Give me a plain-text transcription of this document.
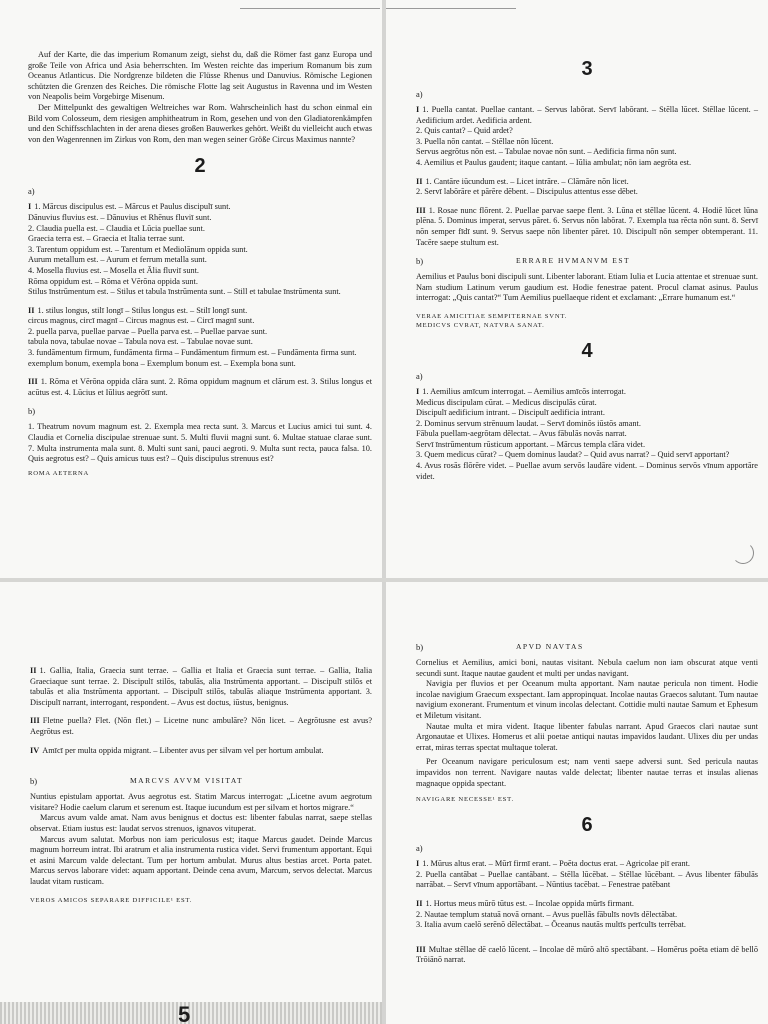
Auf der Karte, die das imperium Romanum zeigt, siehst du, daß die Römer fast ganz Europa und große Teile von Africa und Asia beherrschten. Im Westen reichte das imperium Romanum bis zum Oceanus Atlanticus. Die Nordgrenze bildeten die Flüsse Rhenus und Danuvius. Römische Legionen schützten die Grenzen des Reiches. Die römische Flotte lag seit Augustus in Ravenna und im Westen von Neapolis beim Vorgebirge Misenum.

Der Mittelpunkt des gewaltigen Weltreiches war Rom. Wahrscheinlich hast du schon einmal ein Bild vom Colosseum, dem riesigen amphitheatrum in Rom, gesehen und von den Gladiatorenkämpfen und den Schiffsschlachten in der arena dieses großen Bauwerkes gehört. Weißt du vielleicht auch etwas von den Wagenrennen im Zirkus von Rom, den man wegen seiner Größe Circus Maximus nannte?

2
a)

I 1. Mārcus discipulus est. – Mārcus et Paulus discipulī sunt.

Dānuvius fluvius est. – Dānuvius et Rhēnus fluviī sunt.

2. Claudia puella est. – Claudia et Lūcia puellae sunt.

Graecia terra est. – Graecia et Italia terrae sunt.

3. Tarentum oppidum est. – Tarentum et Mediolānum oppida sunt.

Aurum metallum est. – Aurum et ferrum metalla sunt.

4. Mosella fluvius est. – Mosella et Ālia fluviī sunt.

Rōma oppidum est. – Rōma et Vērōna oppida sunt.

Stilus īnstrūmentum est. – Stilus et tabula īnstrūmenta sunt. – Still et tabulae īnstrūmenta sunt.

II 1. stilus longus, stilī longī – Stilus longus est. – Stilī longī sunt.

circus magnus, circī magnī – Circus magnus est. – Circī magnī sunt.

2. puella parva, puellae parvae – Puella parva est. – Puellae parvae sunt.

tabula nova, tabulae novae – Tabula nova est. – Tabulae novae sunt.

3. fundāmentum firmum, fundāmenta firma – Fundāmentum firmum est. – Fundāmenta firma sunt.

exemplum bonum, exempla bona – Exemplum bonum est. – Exempla bona sunt.

III 1. Rōma et Vērōna oppida clāra sunt. 2. Rōma oppidum magnum et clārum est. 3. Stilus longus et acūtus est. 4. Lūcius et Iūlius aegrōtī sunt.

b)

1. Theatrum novum magnum est. 2. Exempla mea recta sunt. 3. Marcus et Lucius amici tui sunt. 4. Claudia et Cornelia discipulae strenuae sunt. 5. Multi fluvii magni sunt. 6. Multae statuae clarae sunt. 7. Multa instrumenta mala sunt. 8. Multi sunt sani, pauci aegroti. 9. Multa sunt recta, pauca falsa. 10. Quis aegrotus est? – Quis amicus tuus est? – Quis discipulus strenuus est?

ROMA AETERNA
3
a)

I 1. Puella cantat. Puellae cantant. – Servus labōrat. Servī labōrant. – Stēlla lūcet. Stēllae lūcent. – Aedificium ardet. Aedificia ardent.

2. Quis cantat? – Quid ardet?

3. Puella nōn cantat. – Stēllae nōn lūcent.

Servus aegrōtus nōn est. – Tabulae novae nōn sunt. – Aedificia firma nōn sunt.

4. Aemilius et Paulus gaudent; itaque cantant. – Iūlia ambulat; nōn iam aegrōta est.

II 1. Cantāre iūcundum est. – Licet intrāre. – Clāmāre nōn licet.

2. Servī labōrāre et pārēre dēbent. – Discipulus attentus esse dēbet.

III 1. Rosae nunc flōrent. 2. Puellae parvae saepe flent. 3. Lūna et stēllae lūcent. 4. Hodiē lūcet lūna plēna. 5. Dominus imperat, servus pāret. 6. Servus nōn labōrat. 7. Exempla tua rēcta nōn sunt. 8. Servī nōn semper fīdī sunt. 9. Servus saepe nōn libenter pāret. 10. Discipulī nōn semper obtemperant. 11. Tacēre saepe stultum est.

b)	ERRARE HVMANVM EST

Aemilius et Paulus boni discipuli sunt. Libenter laborant. Etiam Iulia et Lucia attentae et strenuae sunt. Nam studium Latinum verum gaudium est. Hodie fenestrae patent. Procul clamat asinus. Paulus interrogat: „Quis cantat?“ Tum Aemilius puellaeque rident et exclamant: „Errare humanum est.“

VERAE AMICITIAE SEMPITERNAE SVNT.
MEDICVS CVRAT, NATVRA SANAT.
4
a)

I 1. Aemilius amīcum interrogat. – Aemilius amīcōs interrogat.

Medicus discipulam cūrat. – Medicus discipulās cūrat.

Discipulī aedificium intrant. – Discipulī aedificia intrant.

2. Dominus servum strēnuum laudat. – Servī dominōs iūstōs amant.

Fābula puellam-aegrōtam dēlectat. – Avus fābulās novās narrat.

Servī īnstrūmentum rūsticum apportant. – Mārcus templa clāra videt.

3. Quem medicus cūrat? – Quem dominus laudat? – Quid avus narrat? – Quid servī apportant?

4. Avus rosās flōrēre videt. – Puellae avum servōs laudāre vident. – Dominus servōs vīnum apportāre videt.

II 1. Gallia, Italia, Graecia sunt terrae. – Gallia et Italia et Graecia sunt terrae. – Gallia, Italia Graeciaque sunt terrae. 2. Discipulī stilōs, tabulās, alia īnstrūmenta apportant. – Discipulī stilōs et tabulās et alia īnstrūmenta apportant. – Discipulī stilōs, tabulās aliaque īnstrūmenta apportant. 3. Discipulī narrant, interrogant, respondent. – Avus est doctus, iūstus, benignus.

III Fletne puella? Flet. (Nōn flet.) – Licetne nunc ambulāre? Nōn licet. – Aegrōtusne est avus? Aegrōtus est.

IV Amīcī per multa oppida migrant. – Libenter avus per silvam vel per hortum ambulat.

b)	MARCVS AVVM VISITAT

Nuntius epistulam apportat. Avus aegrotus est. Statim Marcus interrogat: „Licetne avum aegrotum visitare? Hodie caelum clarum et serenum est. Itaque iucundum est per silvam et hortos migrare.“

Marcus avum valde amat. Nam avus benignus et doctus est: libenter fabulas narrat, saepe stellas observat. Etiam iustus est: laudat servos strenuos, ignavos vituperat.

Marcus avum salutat. Morbus non iam periculosus est; itaque Marcus gaudet. Deinde Marcus magnum horreum intrat. Ibi aratrum et alia instrumenta rustica videt. Servi frumentum apportant. Equi et asini Marcum valde delectant. Tum per hortum ambulat. Murus altus bestias arcet. Porta patet. Marcus servos laborare videt: aquam apportant. Deinde cena avum, Marcum, servos delectat. Marcus laudat vitam rusticam.

VEROS AMICOS SEPARARE DIFFICILE¹ EST.
5
b)	APVD NAVTAS

Cornelius et Aemilius, amici boni, nautas visitant. Nebula caelum non iam obscurat atque venti secundi sunt. Itaque nautae gaudent et multi per undas navigant.

Navigia per fluvios et per Oceanum multa apportant. Nam nautae pericula non timent. Hodie incolae navigium Graecum exspectant. Iam appropinquat. Incolae nautas Graecos salutant. Tum nautae navigium exonerant. Frumentum et vinum incolas delectant. Cottidie multi nautae Samum et Ephesum et Miletum visitant.

Nautae multa et mira vident. Itaque libenter fabulas narrant. Apud Graecos clari nautae sunt Argonautae et Ulixes. Homerus et alii poetae antiqui nautas impavidos laudant. Ulixes diu per undas errat, miras terras spectat multaque tolerat.

Per Oceanum navigare periculosum est; nam venti saepe adversi sunt. Sed pericula nautas impavidos non terrent. Navigare nautas valde delectat; libenter nautae terras et insulas alienas magnaque oppida spectant.

NAVIGARE NECESSE¹ EST.
6
a)

I 1. Mūrus altus erat. – Mūrī firmī erant. – Poēta doctus erat. – Agricolae piī erant.

2. Puella cantābat – Puellae cantābant. – Stēlla lūcēbat. – Stēllae lūcēbant. – Avus libenter fābulās narrābat. – Servī vīnum apportābant. – Nūntius tacēbat. – Fenestrae patēbant

II 1. Hortus meus mūrō tūtus est. – Incolae oppida mūrīs firmant.

2. Nautae templum statuā novā ornant. – Avus puellās fābulīs novīs dēlectābat.

3. Italia avum caelō serēnō dēlectābat. – Ōceanus nautās multīs perīculīs terrēbat.

III Multae stēllae dē caelō lūcent. – Incolae dē mūrō altō spectābant. – Homērus poēta etiam dē bellō Trōiānō narrat.
